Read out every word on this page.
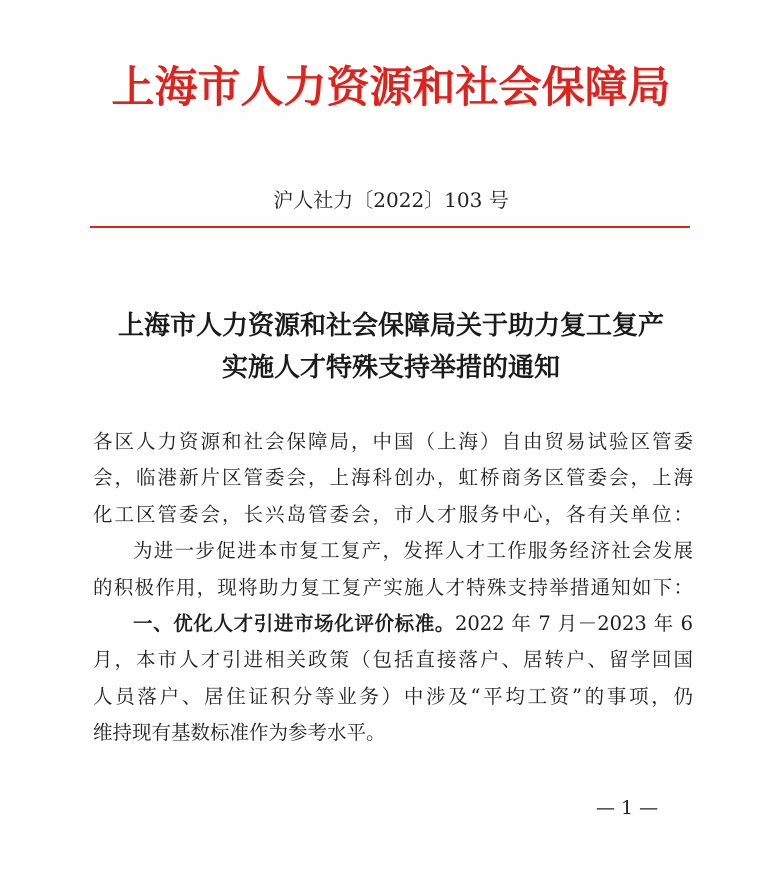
上海市人力资源和社会保障局
沪人社力〔2022〕103 号
上海市人力资源和社会保障局关于助力复工复产
实施人才特殊支持举措的通知
各区人力资源和社会保障局，中国（上海）自由贸易试验区管委
会，临港新片区管委会，上海科创办，虹桥商务区管委会，上海
化工区管委会，长兴岛管委会，市人才服务中心，各有关单位：
为进一步促进本市复工复产，发挥人才工作服务经济社会发展
的积极作用，现将助力复工复产实施人才特殊支持举措通知如下：
一、优化人才引进市场化评价标准。2022 年 7 月－2023 年 6
月，本市人才引进相关政策（包括直接落户、居转户、留学回国
人员落户、居住证积分等业务）中涉及“平均工资”的事项，仍
维持现有基数标准作为参考水平。
— 1 —
